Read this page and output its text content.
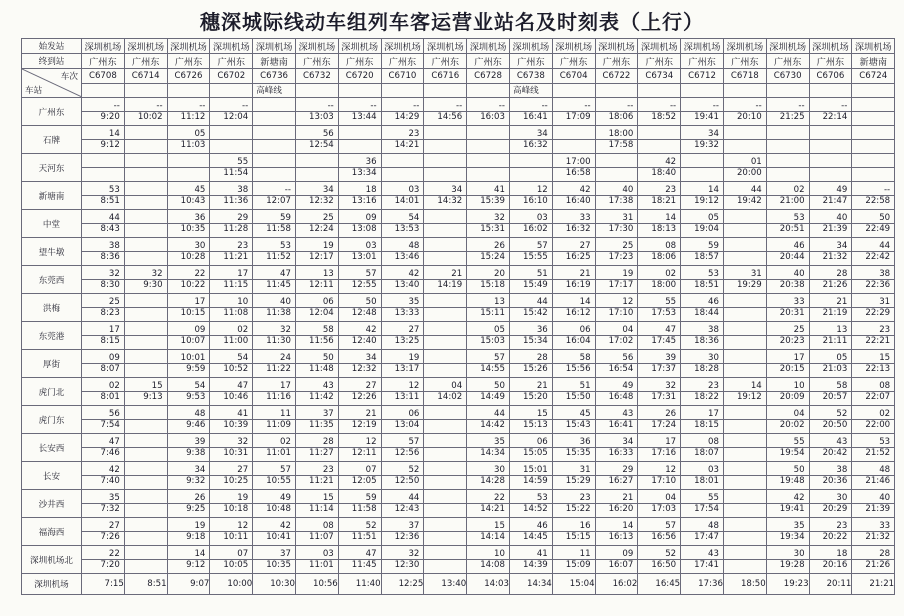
穗深城际线动车组列车客运营业站名及时刻表（上行）
始发站	深圳机场	深圳机场	深圳机场	深圳机场	深圳机场	深圳机场	深圳机场	深圳机场	深圳机场	深圳机场	深圳机场	深圳机场	深圳机场	深圳机场	深圳机场	深圳机场	深圳机场	深圳机场	深圳机场
终到站	广州东	广州东	广州东	广州东	新塘南	广州东	广州东	广州东	广州东	广州东	广州东	广州东	广州东	广州东	广州东	广州东	广州东	广州东	新塘南

车次
车站	C6708	C6714	C6726	C6702	C6736	C6732	C6720	C6710	C6716	C6728	C6738	C6704	C6722	C6734	C6712	C6718	C6730	C6706	C6724
					高峰线						高峰线								
广州东	--	--	--	--		--	--	--	--	--	--	--	--	--	--	--	--	--	
	9:20	10:02	11:12	12:04		13:03	13:44	14:29	14:56	16:03	16:41	17:09	18:06	18:52	19:41	20:10	21:25	22:14	
石牌	14		05			56		23			34		18:00		34				
	9:12		11:03			12:54		14:21			16:32		17:58		19:32				
天河东				55			36					17:00		42		01			
				11:54			13:34					16:58		18:40		20:00			
新塘南	53		45	38	--	34	18	03	34	41	12	42	40	23	14	44	02	49	--
	8:51		10:43	11:36	12:07	12:32	13:16	14:01	14:32	15:39	16:10	16:40	17:38	18:21	19:12	19:42	21:00	21:47	22:58
中堂	44		36	29	59	25	09	54		32	03	33	31	14	05		53	40	50
	8:43		10:35	11:28	11:58	12:24	13:08	13:53		15:31	16:02	16:32	17:30	18:13	19:04		20:51	21:39	22:49
望牛墩	38		30	23	53	19	03	48		26	57	27	25	08	59		46	34	44
	8:36		10:28	11:21	11:52	12:17	13:01	13:46		15:24	15:55	16:25	17:23	18:06	18:57		20:44	21:32	22:42
东莞西	32	32	22	17	47	13	57	42	21	20	51	21	19	02	53	31	40	28	38
	8:30	9:30	10:22	11:15	11:45	12:11	12:55	13:40	14:19	15:18	15:49	16:19	17:17	18:00	18:51	19:29	20:38	21:26	22:36
洪梅	25		17	10	40	06	50	35		13	44	14	12	55	46		33	21	31
	8:23		10:15	11:08	11:38	12:04	12:48	13:33		15:11	15:42	16:12	17:10	17:53	18:44		20:31	21:19	22:29
东莞港	17		09	02	32	58	42	27		05	36	06	04	47	38		25	13	23
	8:15		10:07	11:00	11:30	11:56	12:40	13:25		15:03	15:34	16:04	17:02	17:45	18:36		20:23	21:11	22:21
厚街	09		10:01	54	24	50	34	19		57	28	58	56	39	30		17	05	15
	8:07		9:59	10:52	11:22	11:48	12:32	13:17		14:55	15:26	15:56	16:54	17:37	18:28		20:15	21:03	22:13
虎门北	02	15	54	47	17	43	27	12	04	50	21	51	49	32	23	14	10	58	08
	8:01	9:13	9:53	10:46	11:16	11:42	12:26	13:11	14:02	14:49	15:20	15:50	16:48	17:31	18:22	19:12	20:09	20:57	22:07
虎门东	56		48	41	11	37	21	06		44	15	45	43	26	17		04	52	02
	7:54		9:46	10:39	11:09	11:35	12:19	13:04		14:42	15:13	15:43	16:41	17:24	18:15		20:02	20:50	22:00
长安西	47		39	32	02	28	12	57		35	06	36	34	17	08		55	43	53
	7:46		9:38	10:31	11:01	11:27	12:11	12:56		14:34	15:05	15:35	16:33	17:16	18:07		19:54	20:42	21:52
长安	42		34	27	57	23	07	52		30	15:01	31	29	12	03		50	38	48
	7:40		9:32	10:25	10:55	11:21	12:05	12:50		14:28	14:59	15:29	16:27	17:10	18:01		19:48	20:36	21:46
沙井西	35		26	19	49	15	59	44		22	53	23	21	04	55		42	30	40
	7:32		9:25	10:18	10:48	11:14	11:58	12:43		14:21	14:52	15:22	16:20	17:03	17:54		19:41	20:29	21:39
福海西	27		19	12	42	08	52	37		15	46	16	14	57	48		35	23	33
	7:26		9:18	10:11	10:41	11:07	11:51	12:36		14:14	14:45	15:15	16:13	16:56	17:47		19:34	20:22	21:32
深圳机场北	22		14	07	37	03	47	32		10	41	11	09	52	43		30	18	28
	7:20		9:12	10:05	10:35	11:01	11:45	12:30		14:08	14:39	15:09	16:07	16:50	17:41		19:28	20:16	21:26
深圳机场	7:15	8:51	9:07	10:00	10:30	10:56	11:40	12:25	13:40	14:03	14:34	15:04	16:02	16:45	17:36	18:50	19:23	20:11	21:21
